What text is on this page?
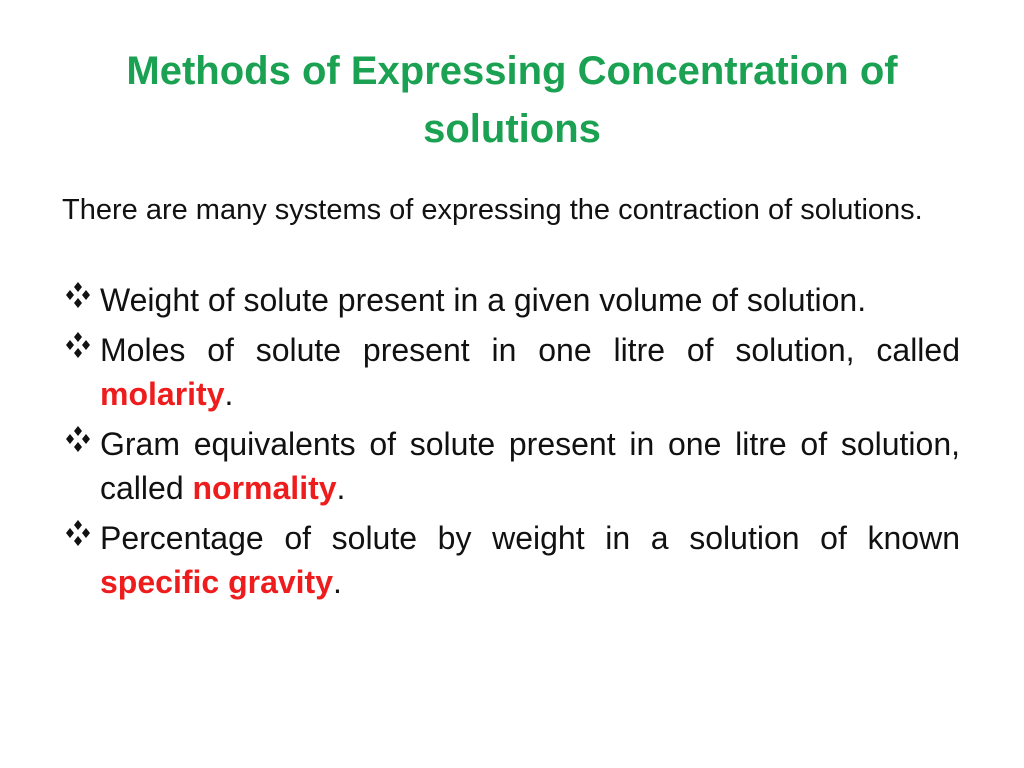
Methods of Expressing Concentration of solutions
There are many systems of expressing the contraction of solutions.
Weight of solute present in a given volume of solution.
Moles of solute present in one litre of solution, called molarity.
Gram equivalents of solute present in one litre of solution, called normality.
Percentage of solute by weight in a solution of known specific gravity.
